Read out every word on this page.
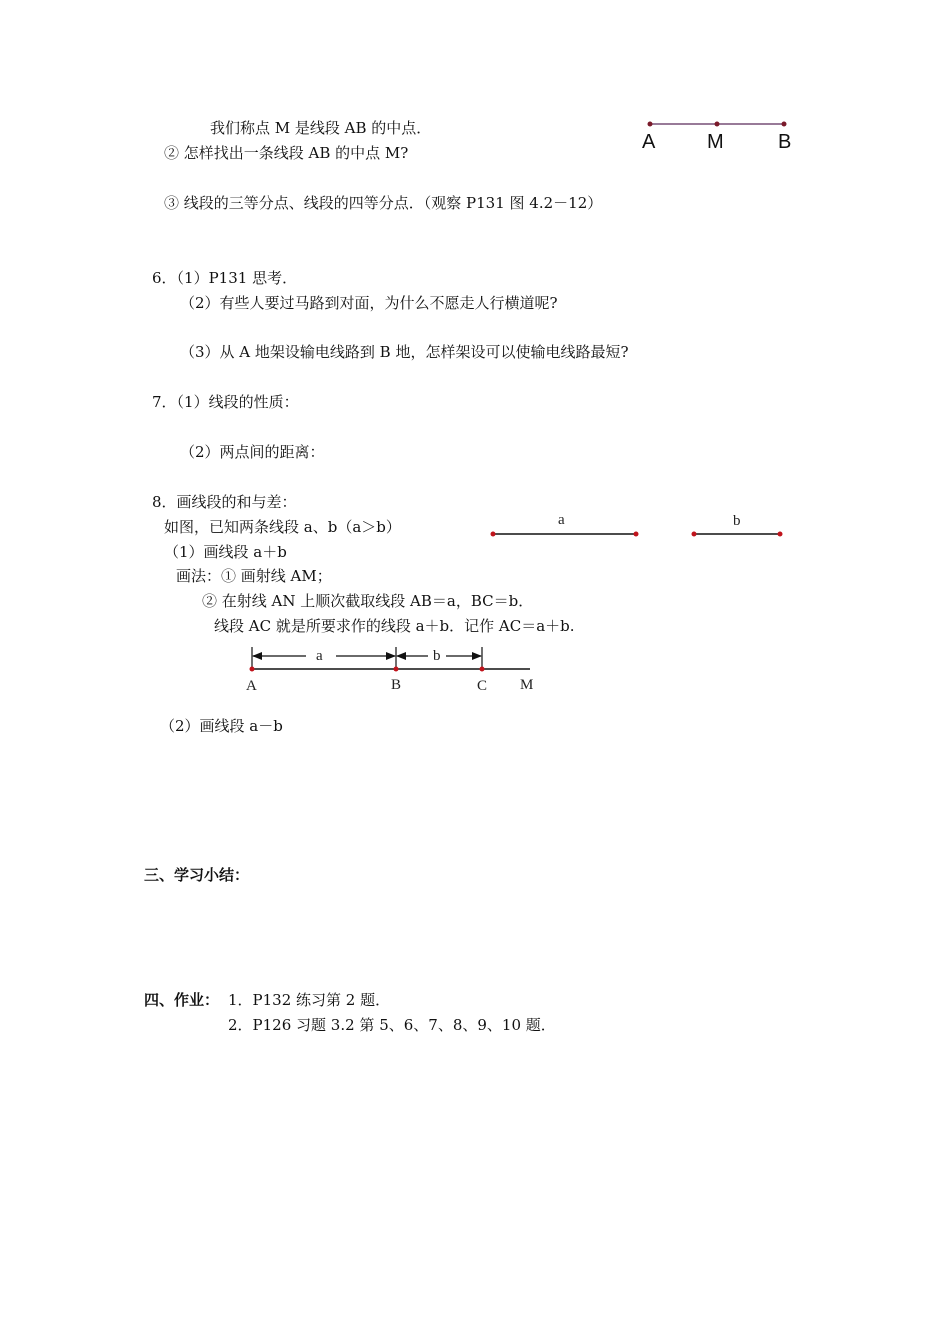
我们称点 M 是线段 AB 的中点．
② 怎样找出一条线段 AB 的中点 M?
③ 线段的三等分点、线段的四等分点．（观察 P131 图 4.2－12）
A	M	B
6．（1）P131 思考．
（2）有些人要过马路到对面，为什么不愿走人行横道呢?
（3）从 A 地架设输电线路到 B 地，怎样架设可以使输电线路最短?
7．（1）线段的性质：
（2）两点间的距离：
8．画线段的和与差：
如图，已知两条线段 a、b（a＞b）
（1）画线段 a＋b
画法：① 画射线 AM；
② 在射线 AN 上顺次截取线段 AB＝a，BC＝b．
线段 AC 就是所要求作的线段 a＋b．记作 AC＝a＋b.
（2）画线段 a－b
a	b
a	b
A	B	C M
三、学习小结：
四、作业： 1．P132 练习第 2 题．
2．P126 习题 3.2 第 5、6、7、8、9、10 题．
